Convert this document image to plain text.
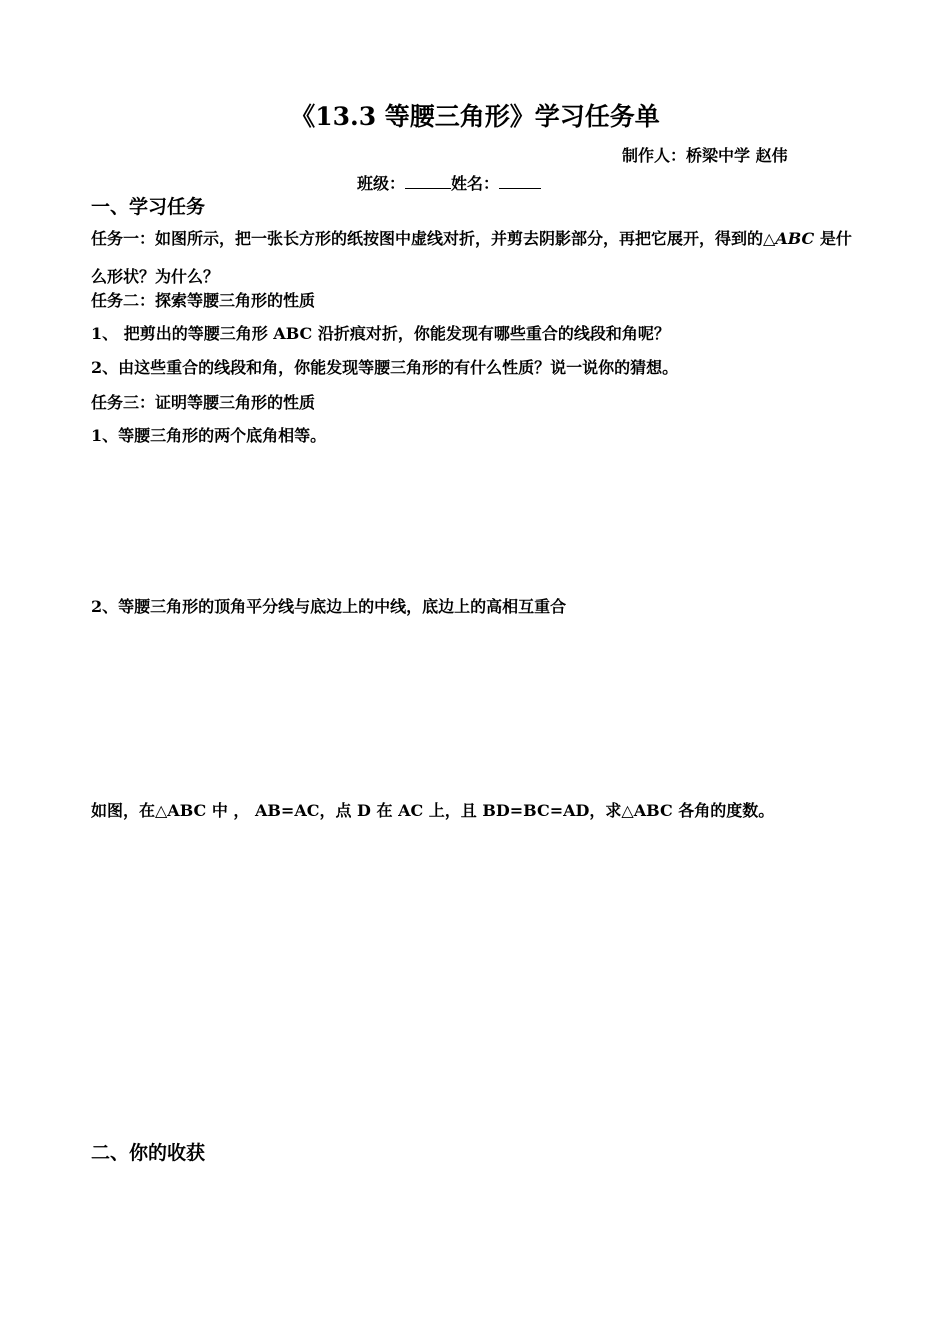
《13.3 等腰三角形》学习任务单
制作人：桥梁中学 赵伟
班级：	姓名：
一、学习任务
任务一：如图所示，把一张长方形的纸按图中虚线对折，并剪去阴影部分，再把它展开，得到的△ABC 是什么形状？为什么？
任务二：探索等腰三角形的性质
1、 把剪出的等腰三角形 ABC 沿折痕对折，你能发现有哪些重合的线段和角呢？
2、由这些重合的线段和角，你能发现等腰三角形的有什么性质？说一说你的猜想。
任务三：证明等腰三角形的性质
1、等腰三角形的两个底角相等。
2、等腰三角形的顶角平分线与底边上的中线，底边上的高相互重合
如图，在△ABC 中 ， AB=AC，点 D 在 AC 上，且 BD=BC=AD，求△ABC 各角的度数。
二、你的收获
